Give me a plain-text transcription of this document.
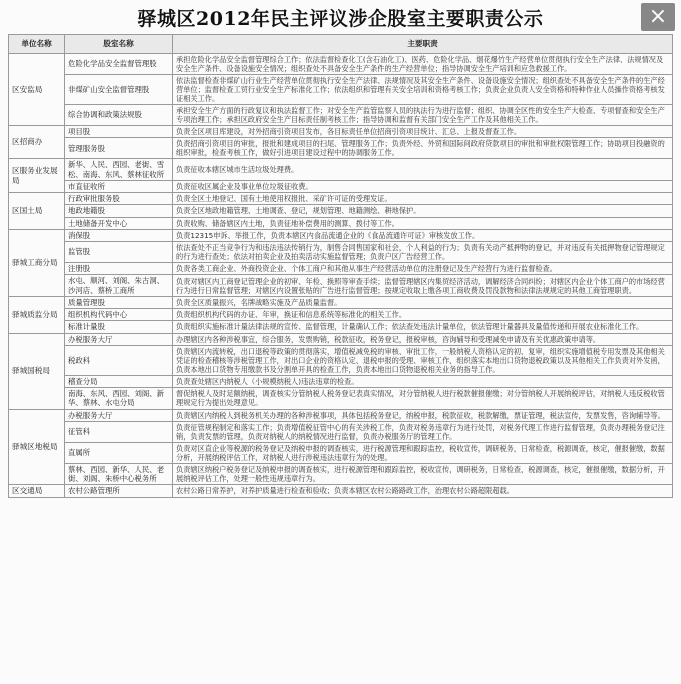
驿城区2012年民主评议涉企股室主要职责公示	×
单位名称	股室名称	主要职责
区安监局	危险化学品安全监督管理股	承担危险化学品安全监督管理综合工作；依法监督检查化工(含石油化工)、医药、危险化学品、烟花爆竹生产经营单位贯彻执行安全生产法律、法规情况及安全生产条件、设备设施安全情况；组织查处不具备安全生产条件的生产经营单位；指导协调安全生产培训和应急救援工作。
	非煤矿山安全监督管理股	依法监督检查非煤矿山行业生产经营单位贯彻执行安全生产法律、法规情况及其安全生产条件、设备设施安全情况；组织查处不具备安全生产条件的生产经营单位；监督检查工贸行业安全生产标准化工作；依法组织和管理有关安全培训和资格考核工作；负责企业负责人安全资格和特种作业人员操作资格考核发证相关工作。
	综合协调和政策法规股	承担安全生产方面的行政复议和执法监督工作；对安全生产监管监察人员的执法行为进行监督；组织、协调全区性的安全生产大检查、专项督查和安全生产专项治理工作；承担区政府安全生产目标责任制考核工作；指导协调和监督有关部门安全生产工作及其他相关工作。
区招商办	项目股	负责全区项目库建设，对外招商引资项目发布，各目标责任单位招商引资项目统计、汇总、上报及督查工作。
	管理服务股	负责招商引资项目的审批，报批和建成项目的扫尾、管理服务工作；负责外经、外贸和国际间政府贷款项目的审批和审批权限管理工作；协助项目投融资的组织审批，检查考核工作，做好引进项目建设过程中的协调服务工作。
区服务业发展局	新华、人民、西园、老街、雪松、南海、东风、蔡林征收所	负责征收本辖区城市生活垃圾处理费。
	市直征收所	负责征收区属企业及事业单位垃圾征收费。
区国土局	行政审批服务股	负责全区土地登记、国有土地使用权报批、采矿许可证的受理发证。
	地政地籍股	负责全区地政地籍管理、土地调查、登记，规划管理、地籍测绘、耕地保护。
	土地储备开发中心	负责收购、储备辖区内土地，负责征地补偿费用的测算、拨付等工作。
驿城工商分局	消保股	负责12315申诉、举报工作，负责本辖区内食品流通企业的《食品流通许可证》审核发放工作。
	监管股	依法查处不正当竞争行为和违法违法传销行为，制售合同售国家和社会，个人利益的行为；负责有关动产抵押物的登记，并对违反有关抵押物登记管理规定的行为进行查处；依法对拍卖企业及拍卖活动实施监督管理；负责户区广告经营工作。
	注册股	负责各类工商企业、外商投资企业、个体工商户和其他从事生产经营活动单位的注册登记及生产经营行为进行监督检查。
	水屯、顺河、刘阁、朱古洞、沙河店、蔡桥工商所	负责对辖区内工商登记管理企业的初审、年检、换照等审查手续；监督管理辖区内集贸经济活动，调解经济合同纠纷；对辖区内企业个体工商户的市场经营行为进行日常监督管理；对辖区内设置张贴的广告进行监督管理；按规定收取上缴各项工商收费及罚没款物和法律法规规定的其他工商管理职责。
驿城质监分局	质量管理股	负责全区质量振兴，名牌战略实施及产品质量监督。
	组织机构代码中心	负责组织机构代码的办证、年审，换证和信息系统等标准化的相关工作。
	标准计量股	负责组织实施标准计量法律法规的宣传、监督管理，计量确认工作；依法查处违法计量单位，依法管理计量器具及量值传递和开展农业标准化工作。
驿城国税局	办税服务大厅	办理辖区内各种涉税事宜，综合服务，发票购销，税款征收，税务登记，报税审核，咨询辅导和受理减免申请及有关优惠政策申请等。
	税政科	负责辖区内流转税，出口退税等政策的贯彻落实，增值税减免税的审核、审批工作，一般纳税人资格认定的初、复审，组织实施增值税专用发票及其他相关凭证的检查稽核等涉税管理工作，对出口企业的资格认定、退税申报的受理、审核工作，组织落实本地出口货物退税政策以及其他相关工作负责对外发函，负责本地出口货物专用缴款书及分割单开具的检查工作，负责本地出口货物退税相关业务的指导工作。
	稽查分局	负责查处辖区内纳税人（小规模纳税人)违法违章的检查。
	南海、东风、西园、刘阁、新华、蔡林、水屯分局	督促纳税人及时足额纳税，调查核实分管纳税人税务登记表真实情况，对分管纳税人进行税款催报催缴；对分管纳税人开展纳税评估，对纳税人违反税收管理规定行为提出处理意见。
驿城区地税局	办税服务大厅	负责辖区内纳税人到税务机关办理的各种涉税事项，具体包括税务登记，纳税申报，税款征收，税款解缴，票证管理，税法宣传，发票发售，咨询辅导等。
	征管科	负责征管规程制定和落实工作；负责增值税征管中心的有关涉税工作，负责对税务违章行为进行处罚，对税务代理工作进行监督管理，负责办理税务登记注销，负责发票的管理，负责对纳税人的纳税情况进行监督，负责办税服务厅的管理工作。
	直属所	负责对区直企业等税源的税务登记及纳税申报的调查核实，进行税源管理和跟踪监控，税收宣传，调研税务，日常检查，税源调查，核定，催报催缴，数据分析，开展纳税评估工作，对纳税人进行涉税违法违章行为的处理。
	蔡林、西园、新华、人民、老街、刘阁、朱桥中心税务所	负责辖区纳税户税务登记及纳税申报的调查核实，进行税源管理和跟踪监控，税收宣传，调研税务，日常检查，税源调查，核定，催报催缴，数据分析，开展纳税评估工作，处理一般性违规违章行为。
区交通局	农村公路管理所	农村公路日常养护，对养护质量进行检查和验收；负责本辖区农村公路路政工作，治理农村公路超限超载。
